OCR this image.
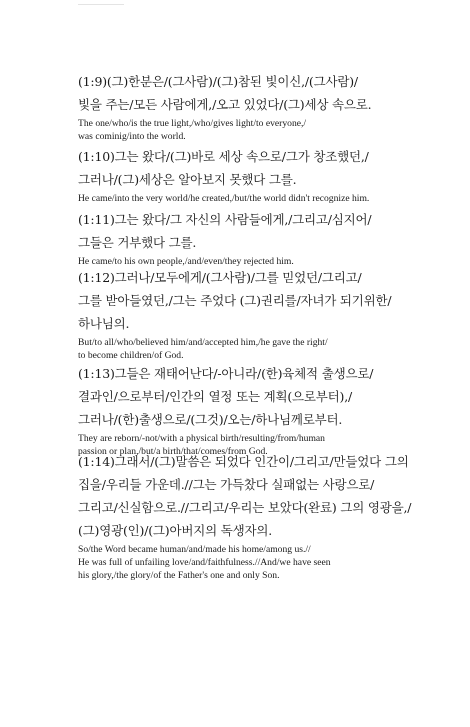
(1:9)(그)한분은/(그사람)/(그)참된 빛이신,/(그사람)/
빛을 주는/모든 사람에게,/오고 있었다/(그)세상 속으로.
The one/who/is the true light,/who/gives light/to everyone,/
was cominig/into the world.
(1:10)그는 왔다/(그)바로 세상 속으로/그가 창조했던,/
그러나/(그)세상은 알아보지 못했다 그를.
He came/into the very world/he created,/but/the world didn't recognize him.
(1:11)그는 왔다/그 자신의 사람들에게,/그리고/심지어/
그들은 거부했다 그를.
He came/to his own people,/and/even/they rejected him.
(1:12)그러나/모두에게/(그사람)/그를 믿었던/그리고/
그를 받아들였던,/그는 주었다 (그)권리를/자녀가 되기위한/
하나님의.
But/to all/who/believed him/and/accepted him,/he gave the right/
to become children/of God.
(1:13)그들은 재태어난다/-아니라/(한)육체적 출생으로/
결과인/으로부터/인간의 열정 또는 계획(으로부터),/
그러나/(한)출생으로/(그것)/오는/하나님께로부터.
They are reborn/-not/with a physical birth/resulting/from/human
passion or plan,/but/a birth/that/comes/from God.
(1:14)그래서/(그)말씀은 되었다 인간이/그리고/만들었다 그의
집을/우리들 가운데.//그는 가득찼다 실패없는 사랑으로/
그리고/신실함으로.//그리고/우리는 보았다(완료) 그의 영광을,/
(그)영광(인)/(그)아버지의 독생자의.
So/the Word became human/and/made his home/among us.//
He was full of unfailing love/and/faithfulness.//And/we have seen
his glory,/the glory/of the Father's one and only Son.
